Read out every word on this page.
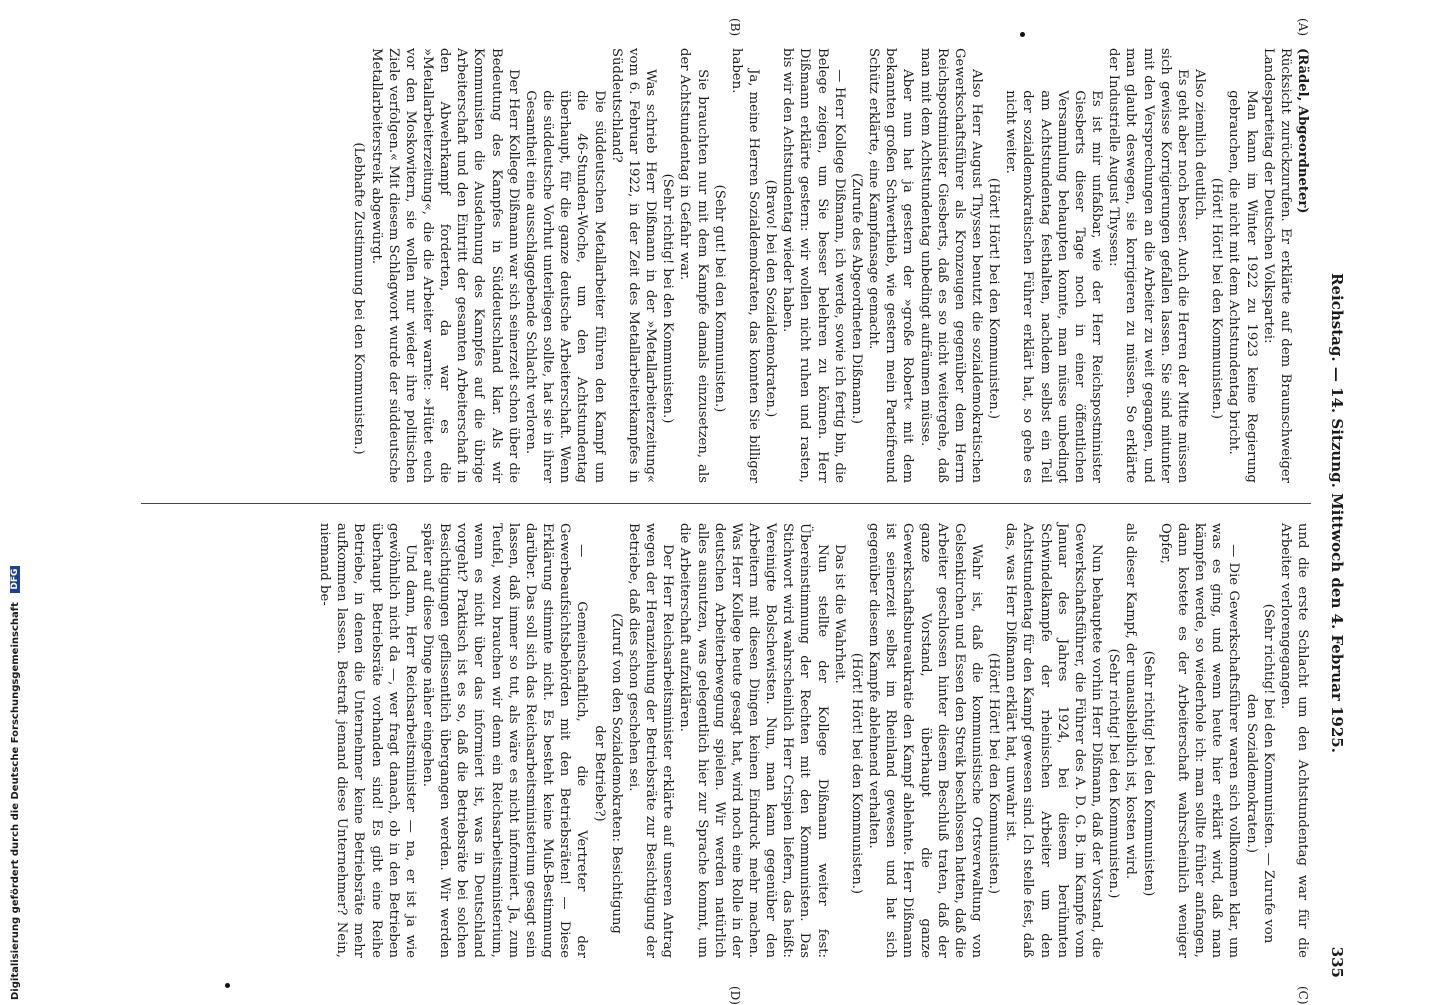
Reichstag. — 14. Sitzung. Mittwoch den 4. Februar 1925.
335
(A)
(B)
(C)
(D)

(Rädel, Abgeordneter)

Rücksicht zurückzurufen. Er erklärte auf dem Braunschweiger Landesparteitag der Deutschen Volkspartei:

Man kann im Winter 1922 zu 1923 keine Regierung gebrauchen, die nicht mit dem Achtstundentag bricht.

(Hört! Hört! bei den Kommunisten.)

Also ziemlich deutlich.

Es geht aber noch besser. Auch die Herren der Mitte müssen sich gewisse Korrigierungen gefallen lassen. Sie sind mitunter mit den Versprechungen an die Arbeiter zu weit gegangen, und man glaubt deswegen, sie korrigieren zu müssen. So erklärte der Industrielle August Thyssen:

Es ist mir unfaßbar, wie der Herr Reichspostminister Giesberts dieser Tage noch in einer öffentlichen Versammlung behaupten konnte, man müsse unbedingt am Achtstundentag festhalten, nachdem selbst ein Teil der sozialdemokratischen Führer erklärt hat, so gehe es nicht weiter.

(Hört! Hört! bei den Kommunisten.)

Also Herr August Thyssen benutzt die sozialdemokratischen Gewerkschaftsführer als Kronzeugen gegenüber dem Herrn Reichspostminister Giesberts, daß es so nicht weitergehe, daß man mit dem Achtstundentag unbedingt aufräumen müsse.

Aber nun hat ja gestern der »große Robert« mit dem bekannten großen Schwerthieb, wie gestern mein Parteifreund Schütz erklärte, eine Kampfansage gemacht.

(Zurufe des Abgeordneten Dißmann.)

— Herr Kollege Dißmann, ich werde, sowie ich fertig bin, die Belege zeigen, um Sie besser belehren zu können. Herr Dißmann erklärte gestern: wir wollen nicht ruhen und rasten, bis wir den Achtstundentag wieder haben.

(Bravo! bei den Sozialdemokraten.)

Ja, meine Herren Sozialdemokraten, das konnten Sie billiger haben.

(Sehr gut! bei den Kommunisten.)

Sie brauchten nur mit dem Kampfe damals einzusetzen, als der Achtstundentag in Gefahr war.

(Sehr richtig! bei den Kommunisten.)

Was schrieb Herr Dißmann in der »Metallarbeiterzeitung« vom 6. Februar 1922, in der Zeit des Metallarbeiterkampfes in Süddeutschland?

Die süddeutschen Metallarbeiter führen den Kampf um die 46-Stunden-Woche, um den Achtstundentag überhaupt, für die ganze deutsche Arbeiterschaft. Wenn die süddeutsche Vorhut unterliegen sollte, hat sie in ihrer Gesamtheit eine ausschlaggebende Schlacht verloren.

Der Herr Kollege Dißmann war sich seinerzeit schon über die Bedeutung des Kampfes in Süddeutschland klar. Als wir Kommunisten die Ausdehnung des Kampfes auf die übrige Arbeiterschaft und den Eintritt der gesamten Arbeiterschaft in den Abwehrkampf forderten, da war es die »Metallarbeiterzeitung«, die die Arbeiter warnte: »Hütet euch vor den Moskowitern, sie wollen nur wieder ihre politischen Ziele verfolgen.« Mit diesem Schlagwort wurde der süddeutsche Metallarbeiterstreik abgewürgt.

(Lebhafte Zustimmung bei den Kommunisten.)

und die erste Schlacht um den Achtstundentag war für die Arbeiter verlorengegangen.

(Sehr richtig! bei den Kommunisten. — Zurufe von den Sozialdemokraten.)

— Die Gewerkschaftsführer waren sich vollkommen klar, um was es ging, und wenn heute hier erklärt wird, daß man kämpfen werde, so wiederhole ich: man sollte früher anfangen, dann kostete es der Arbeiterschaft wahrscheinlich weniger Opfer,

(Sehr richtig! bei den Kommunisten)

als dieser Kampf, der unausbleiblich ist, kosten wird.

(Sehr richtig! bei den Kommunisten.)

Nun behauptete vorhin Herr Dißmann, daß der Vorstand, die Gewerkschaftsführer, die Führer des A. D. G. B. im Kampfe vom Januar des Jahres 1924, bei diesem berühmten Schwindelkampfe der rheinischen Arbeiter um den Achtstundentag für den Kampf gewesen sind. Ich stelle fest, daß das, was Herr Dißmann erklärt hat, unwahr ist.

(Hört! Hört! bei den Kommunisten.)

Wahr ist, daß die kommunistische Ortsverwaltung von Gelsenkirchen und Essen den Streik beschlossen hatten, daß die Arbeiter geschlossen hinter diesem Beschluß traten, daß der ganze Vorstand, überhaupt die ganze Gewerkschaftsbureaukratie den Kampf ablehnte. Herr Dißmann ist seinerzeit selbst im Rheinland gewesen und hat sich gegenüber diesem Kampfe ablehnend verhalten.

(Hört! Hört! bei den Kommunisten.)

Das ist die Wahrheit.

Nun stellte der Kollege Dißmann weiter fest: Übereinstimmung der Rechten mit den Kommunisten. Das Stichwort wird wahrscheinlich Herr Crispien liefern, das heißt: Vereinigte Bolschewisten. Nun, man kann gegenüber den Arbeitern mit diesen Dingen keinen Eindruck mehr machen. Was Herr Kollege heute gesagt hat, wird noch eine Rolle in der deutschen Arbeiterbewegung spielen. Wir werden natürlich alles ausnutzen, was gelegentlich hier zur Sprache kommt, um die Arbeiterschaft aufzuklären.

Der Herr Reichsarbeitsminister erklärte auf unseren Antrag wegen der Heranziehung der Betriebsräte zur Besichtigung der Betriebe, daß dies schon geschehen sei.

(Zuruf von den Sozialdemokraten: Besichtigung der Betriebe?)

— Gemeinschaftlich, die Vertreter der Gewerbeaufsichtsbehörden mit den Betriebsräten! — Diese Erklärung stimmte nicht. Es besteht keine Muß-Bestimmung darüber. Das soll sich das Reichsarbeitsministerium gesagt sein lassen, daß immer so tut, als wäre es nicht informiert. Ja, zum Teufel, wozu brauchen wir denn ein Reichsarbeitsministerium, wenn es nicht über das informiert ist, was in Deutschland vorgeht? Praktisch ist es so, daß die Betriebsräte bei solchen Besichtigungen geflissentlich übergangen werden. Wir werden später auf diese Dinge näher eingehen.

Und dann, Herr Reichsarbeitsminister — na, er ist ja wie gewöhnlich nicht da —, wer fragt danach, ob in den Betrieben überhaupt Betriebsräte vorhanden sind! Es gibt eine Reihe Betriebe, in denen die Unternehmer keine Betriebsräte mehr aufkommen lassen. Bestraft jemand diese Unternehmer? Nein, niemand be-

Digitalisierung gefördert durch die Deutsche Forschungsgemeinschaft DFG
